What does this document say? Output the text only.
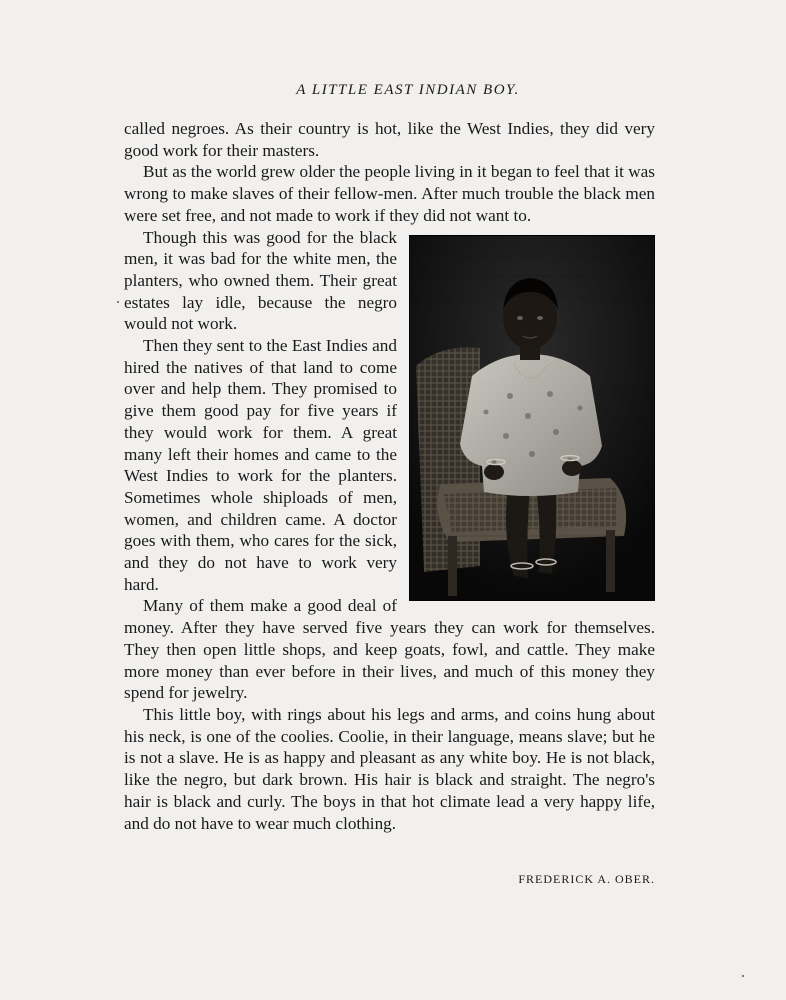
A LITTLE EAST INDIAN BOY.

called negroes. As their country is hot, like the West Indies, they did very good work for their masters.

But as the world grew older the people living in it began to feel that it was wrong to make slaves of their fellow-men. After much trouble the black men were set free, and not made to work if they did not want to.

Though this was good for the black men, it was bad for the white men, the planters, who owned them. Their great estates lay idle, because the negro would not work.

Then they sent to the East Indies and hired the natives of that land to come over and help them. They promised to give them good pay for five years if they would work for them. A great many left their homes and came to the West Indies to work for the planters. Sometimes whole shiploads of men, women, and children came. A doctor goes with them, who cares for the sick, and they do not have to work very hard.

Many of them make a good deal of money. After they have served five years they can work for themselves. They then open little shops, and keep goats, fowl, and cattle. They make more money than ever before in their lives, and much of this money they spend for jewelry.

This little boy, with rings about his legs and arms, and coins hung about his neck, is one of the coolies. Coolie, in their language, means slave; but he is not a slave. He is as happy and pleasant as any white boy. He is not black, like the negro, but dark brown. His hair is black and straight. The negro's hair is black and curly. The boys in that hot climate lead a very happy life, and do not have to wear much clothing.

FREDERICK A. OBER.
